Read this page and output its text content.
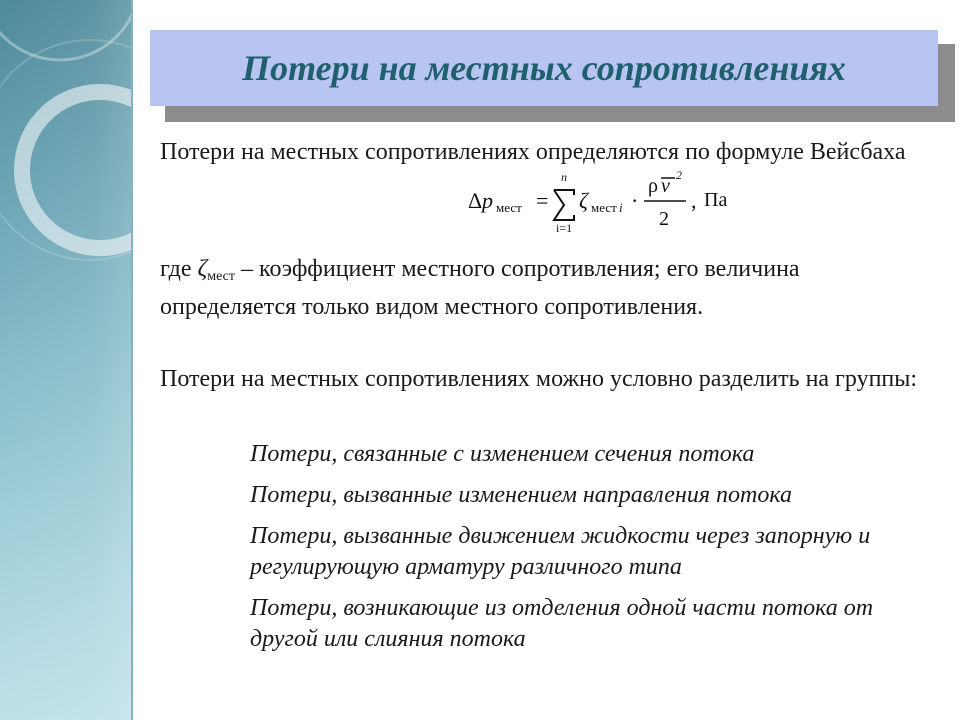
Потери на местных сопротивлениях
Потери на местных сопротивлениях определяются по формуле Вейсбаха
Δ p мест =
n
i=1
ζ мест i ·
ρ v 2
2
, Па
где ζмест – коэффициент местного сопротивления; его величина определяется только видом местного сопротивления.
Потери на местных сопротивлениях можно условно разделить на группы:
Потери, связанные с изменением сечения потока
Потери, вызванные изменением направления потока
Потери, вызванные движением жидкости через запорную и регулирующую арматуру различного типа
Потери, возникающие из отделения одной части потока от другой или слияния потока
